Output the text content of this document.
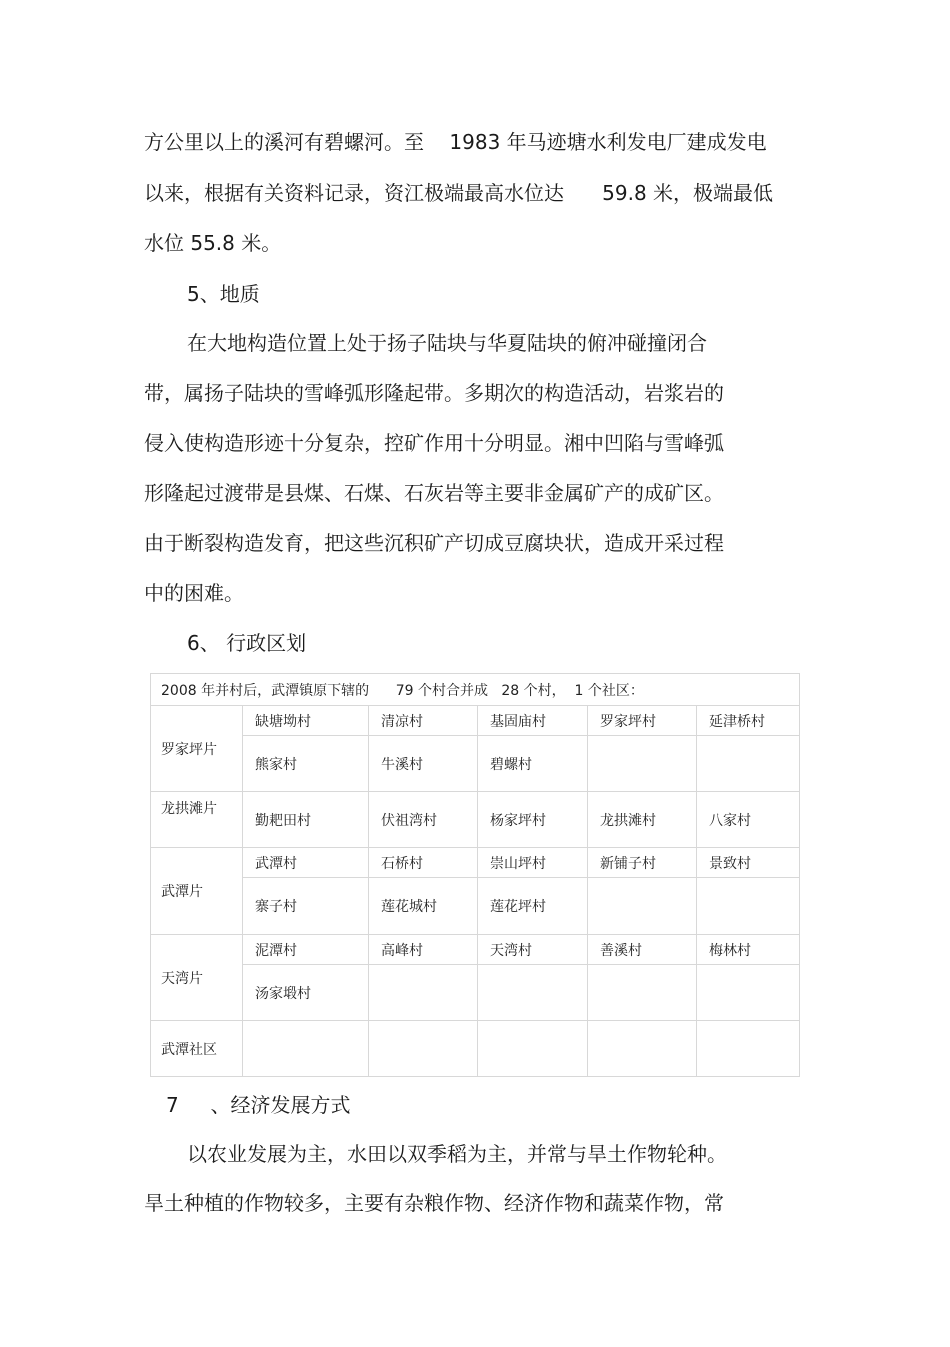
方公里以上的溪河有碧螺河。至    1983 年马迹塘水利发电厂建成发电
以来，根据有关资料记录，资江极端最高水位达      59.8 米，极端最低
水位 55.8 米。
5、地质
在大地构造位置上处于扬子陆块与华夏陆块的俯冲碰撞闭合
带，属扬子陆块的雪峰弧形隆起带。多期次的构造活动，岩浆岩的
侵入使构造形迹十分复杂，控矿作用十分明显。湘中凹陷与雪峰弧
形隆起过渡带是县煤、石煤、石灰岩等主要非金属矿产的成矿区。
由于断裂构造发育，把这些沉积矿产切成豆腐块状，造成开采过程
中的困难。
6、 行政区划
2008 年并村后，武潭镇原下辖的      79 个村合并成   28 个村，  1 个社区：					
罗家坪片	缺塘坳村	清凉村	基固庙村	罗家坪村	延津桥村
	熊家村	牛溪村	碧螺村		
龙拱滩片	勤耙田村	伏祖湾村	杨家坪村	龙拱滩村	八家村
武潭片	武潭村	石桥村	崇山坪村	新铺子村	景致村
	寨子村	莲花城村	莲花坪村		
天湾片	泥潭村	高峰村	天湾村	善溪村	梅林村
	汤家塅村				
武潭社区					
7     、经济发展方式
以农业发展为主，水田以双季稻为主，并常与旱土作物轮种。
旱土种植的作物较多，主要有杂粮作物、经济作物和蔬菜作物，常
